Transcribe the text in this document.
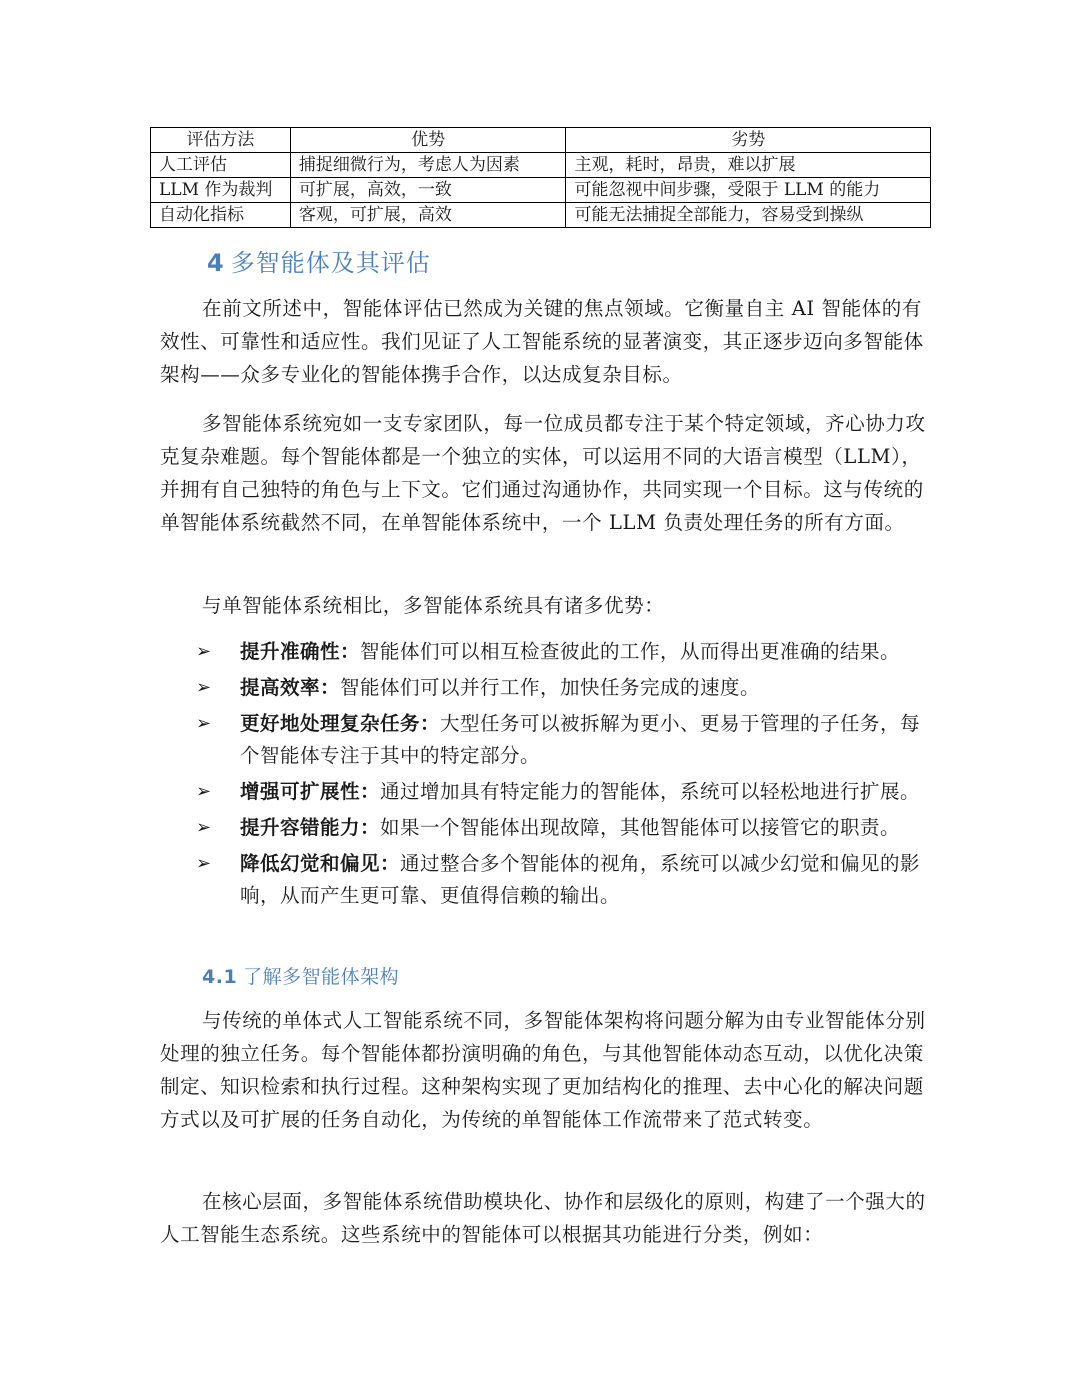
评估方法	优势	劣势
人工评估	捕捉细微行为，考虑人为因素	主观，耗时，昂贵，难以扩展
LLM 作为裁判	可扩展，高效，一致	可能忽视中间步骤，受限于 LLM 的能力
自动化指标	客观，可扩展，高效	可能无法捕捉全部能力，容易受到操纵
4 多智能体及其评估

在前文所述中，智能体评估已然成为关键的焦点领域。它衡量自主 AI 智能体的有效性、可靠性和适应性。我们见证了人工智能系统的显著演变，其正逐步迈向多智能体架构——众多专业化的智能体携手合作，以达成复杂目标。

多智能体系统宛如一支专家团队，每一位成员都专注于某个特定领域，齐心协力攻克复杂难题。每个智能体都是一个独立的实体，可以运用不同的大语言模型（LLM），并拥有自己独特的角色与上下文。它们通过沟通协作，共同实现一个目标。这与传统的单智能体系统截然不同，在单智能体系统中，一个 LLM 负责处理任务的所有方面。

与单智能体系统相比，多智能体系统具有诸多优势：

➢ 提升准确性：智能体们可以相互检查彼此的工作，从而得出更准确的结果。
➢ 提高效率：智能体们可以并行工作，加快任务完成的速度。
➢ 更好地处理复杂任务：大型任务可以被拆解为更小、更易于管理的子任务，每个智能体专注于其中的特定部分。
➢ 增强可扩展性：通过增加具有特定能力的智能体，系统可以轻松地进行扩展。
➢ 提升容错能力：如果一个智能体出现故障，其他智能体可以接管它的职责。
➢ 降低幻觉和偏见：通过整合多个智能体的视角，系统可以减少幻觉和偏见的影响，从而产生更可靠、更值得信赖的输出。
4.1 了解多智能体架构

与传统的单体式人工智能系统不同，多智能体架构将问题分解为由专业智能体分别处理的独立任务。每个智能体都扮演明确的角色，与其他智能体动态互动，以优化决策制定、知识检索和执行过程。这种架构实现了更加结构化的推理、去中心化的解决问题方式以及可扩展的任务自动化，为传统的单智能体工作流带来了范式转变。

在核心层面，多智能体系统借助模块化、协作和层级化的原则，构建了一个强大的人工智能生态系统。这些系统中的智能体可以根据其功能进行分类，例如：
